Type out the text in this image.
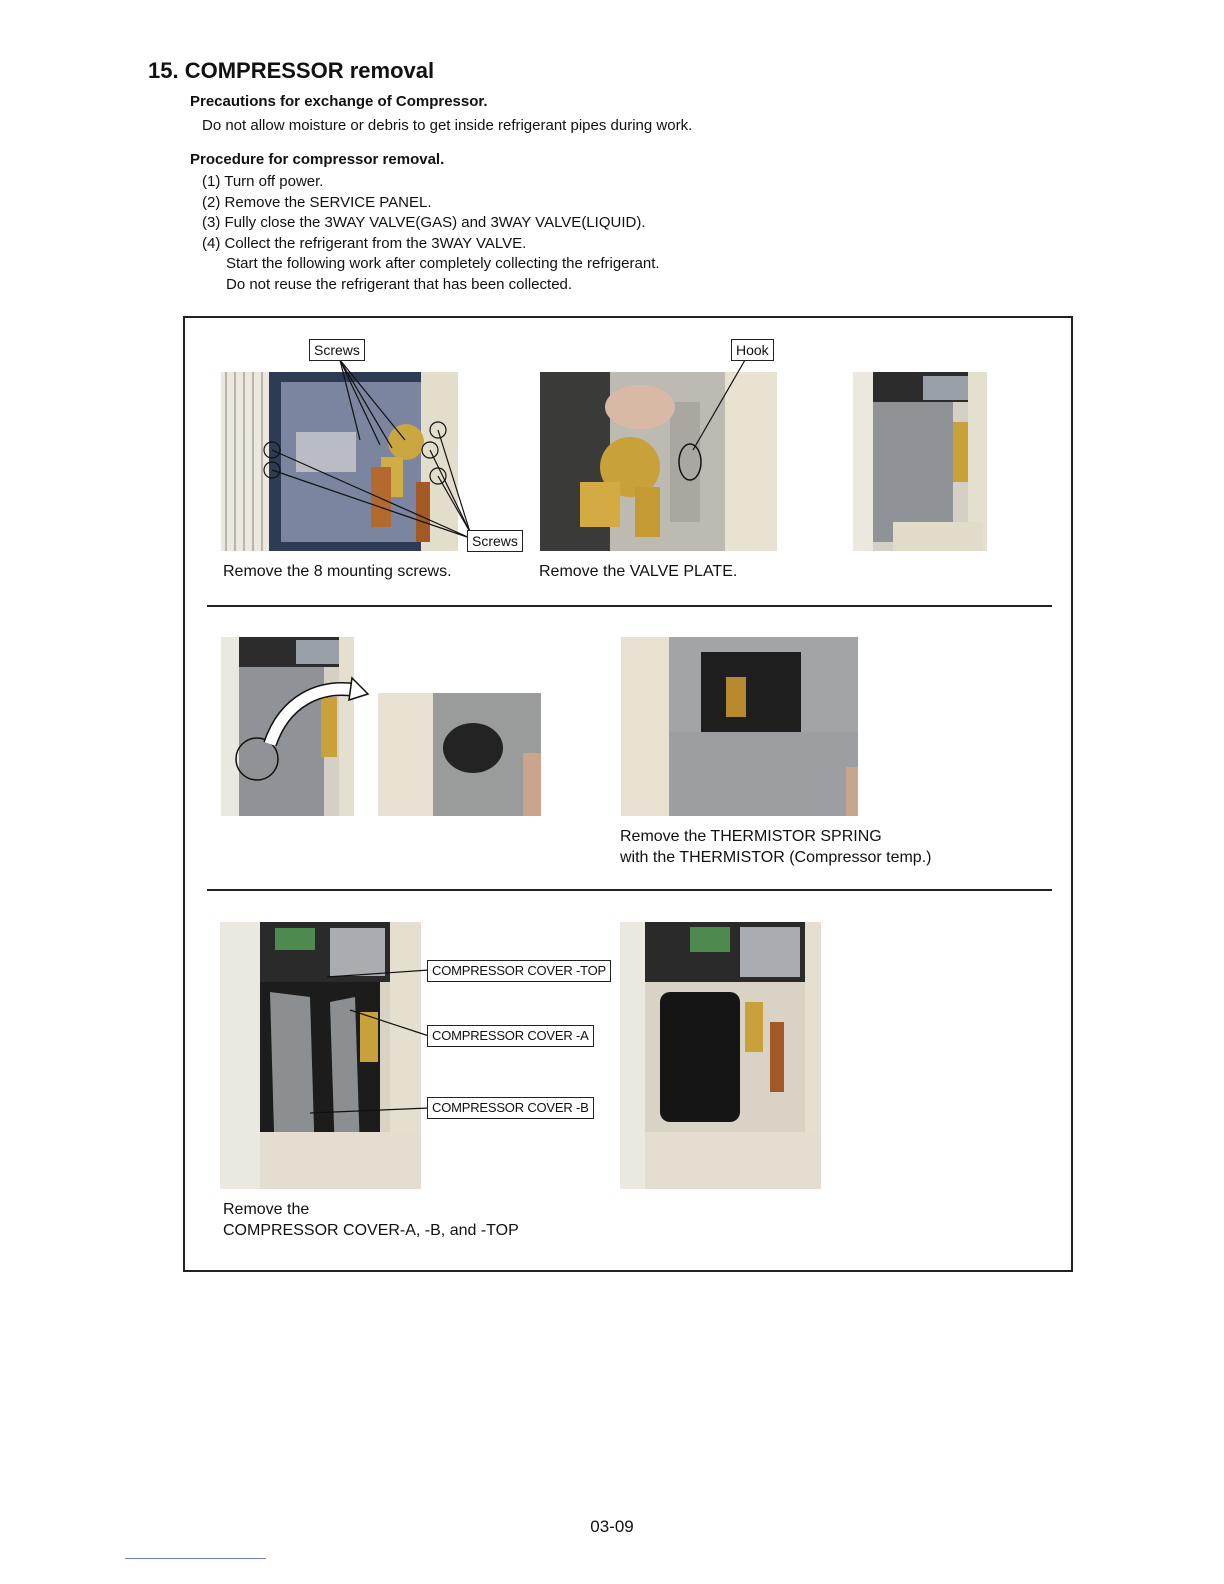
15. COMPRESSOR removal
Precautions for exchange of Compressor.
Do not allow moisture or debris to get inside refrigerant pipes during work.
Procedure for compressor removal.
(1) Turn off power.
(2) Remove the SERVICE PANEL.
(3) Fully close the 3WAY VALVE(GAS) and 3WAY VALVE(LIQUID).
(4) Collect the refrigerant from the 3WAY VALVE.
Start the following work after completely collecting the refrigerant.
Do not reuse the refrigerant that has been collected.
Screws
Screws
Hook
COMPRESSOR COVER -TOP
COMPRESSOR COVER -A
COMPRESSOR COVER -B
Remove the 8 mounting screws.	Remove the VALVE PLATE.
Remove the THERMISTOR SPRING
with the THERMISTOR (Compressor temp.)
Remove the
COMPRESSOR COVER-A, -B, and -TOP
03-09
